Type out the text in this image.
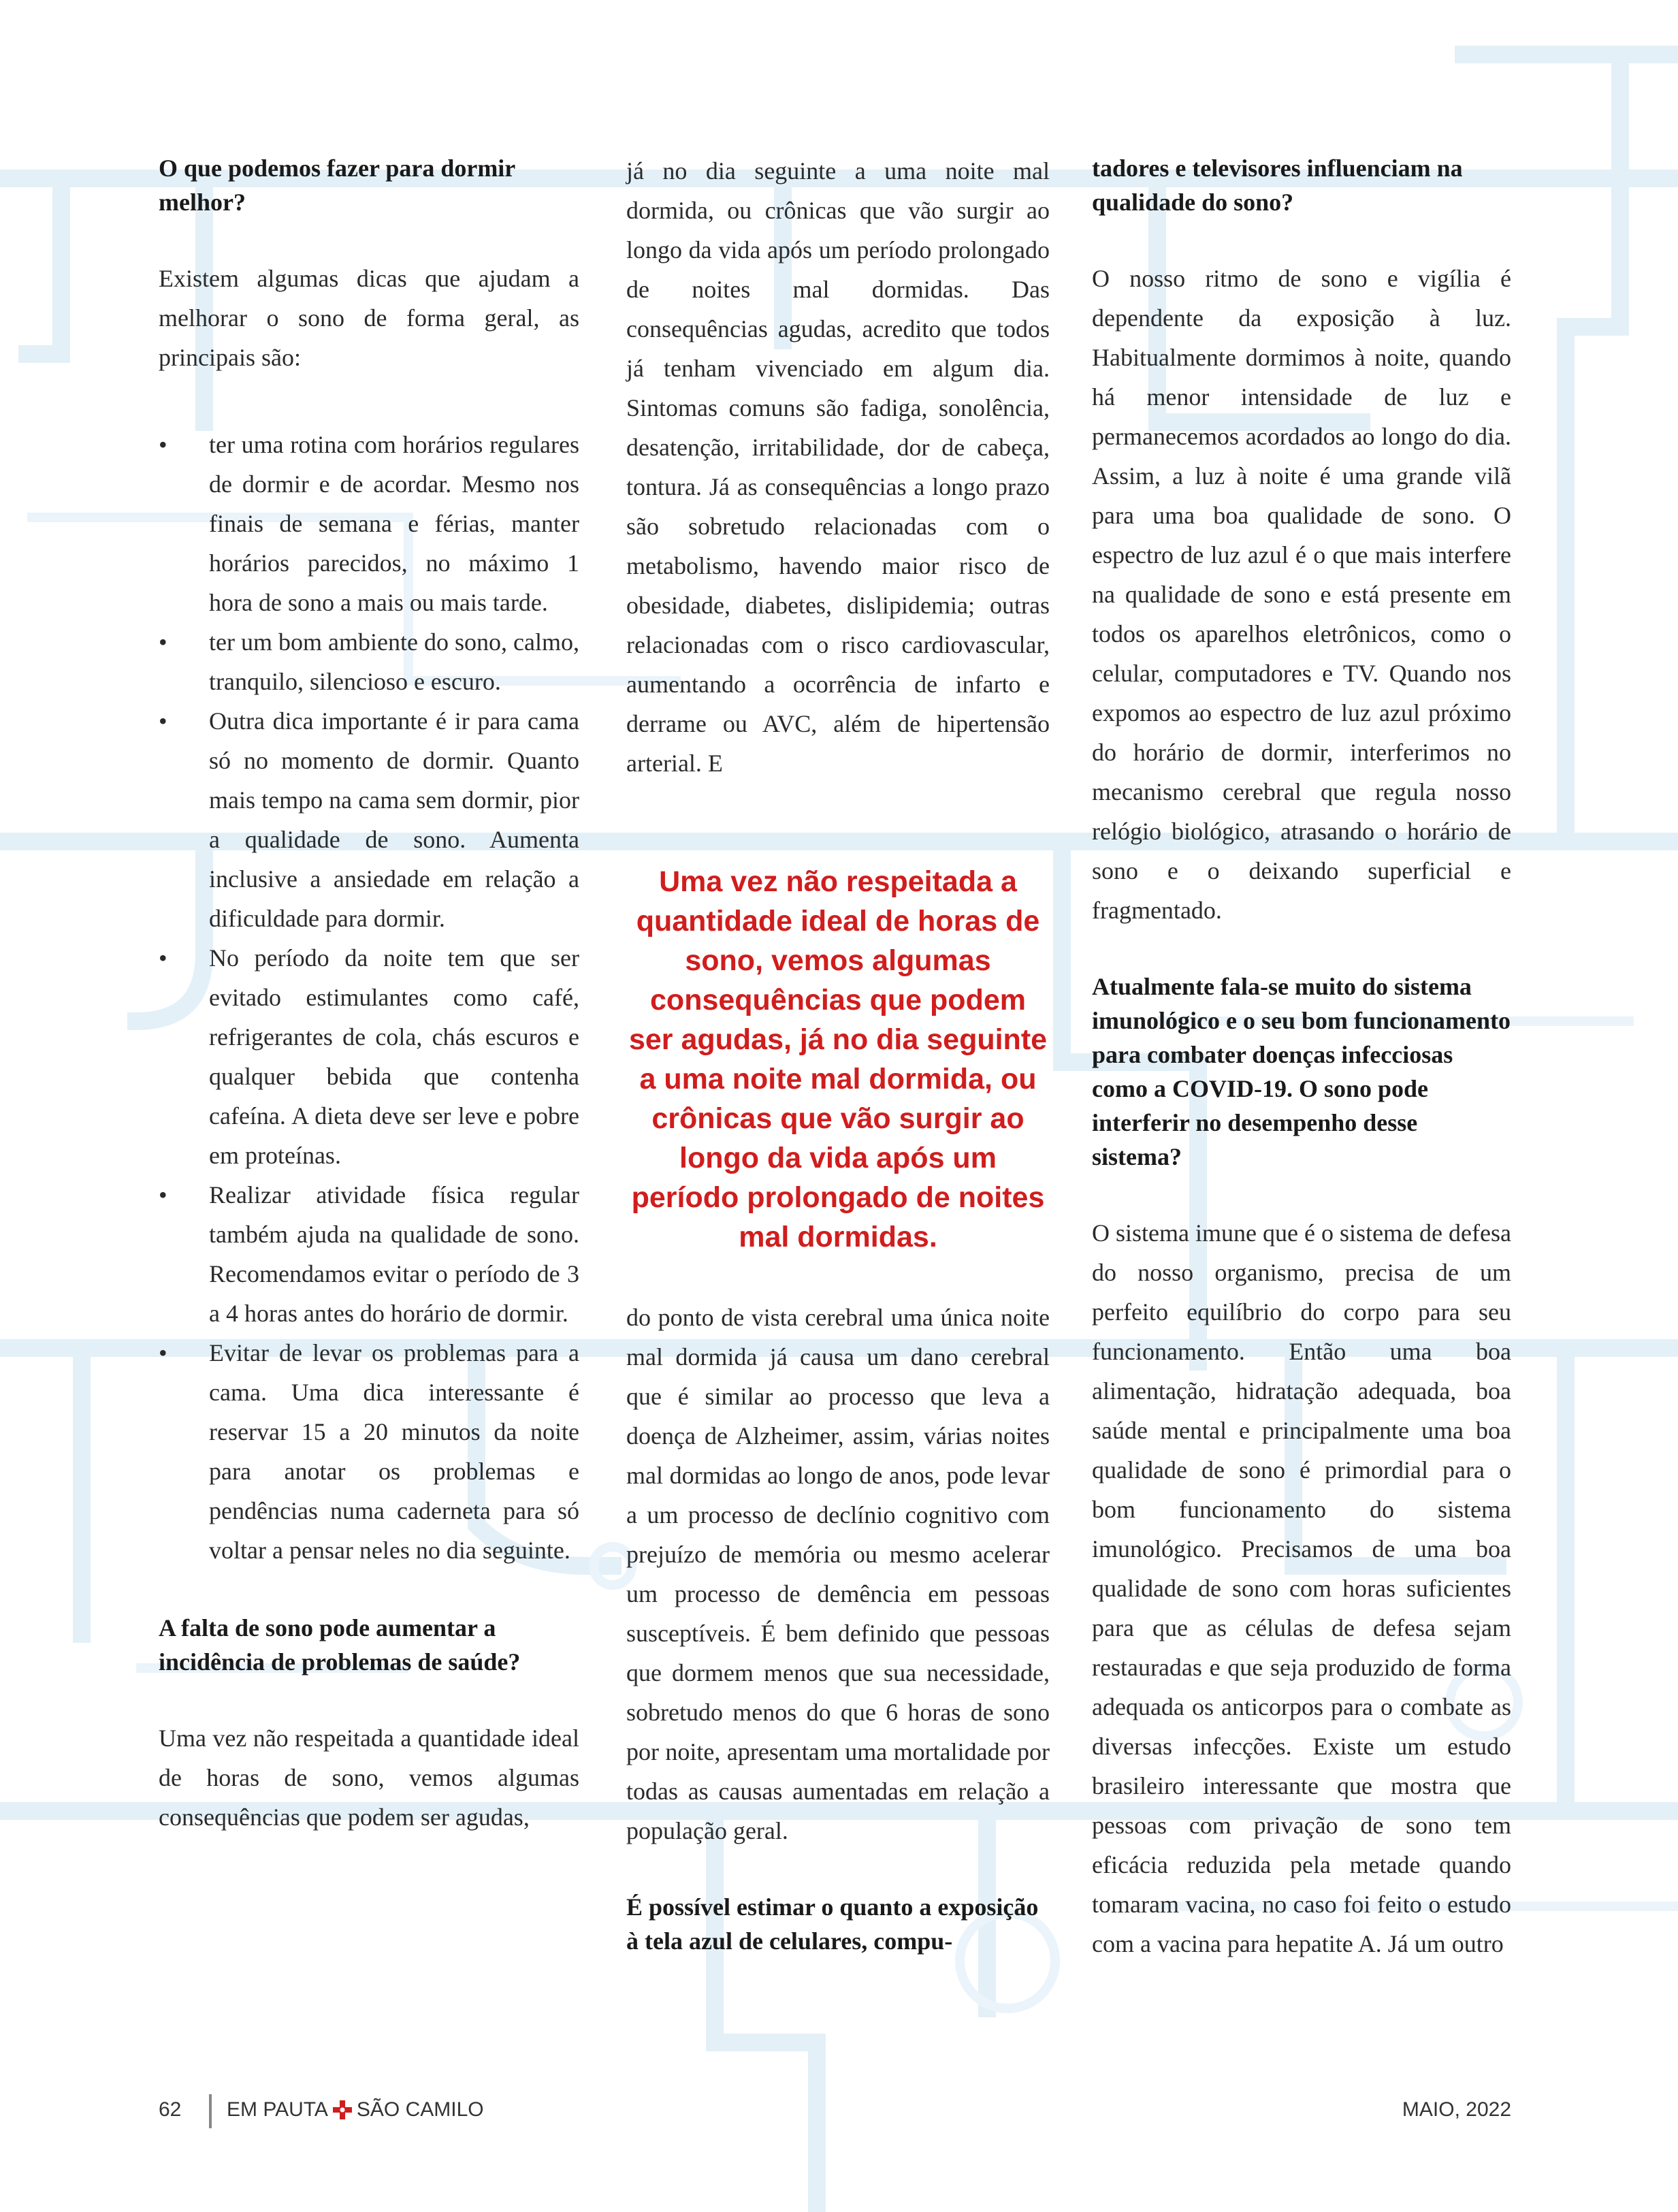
O que podemos fazer para dormir melhor?

Existem algumas dicas que ajudam a melhorar o sono de forma geral, as principais são:

• ter uma rotina com horários regulares de dormir e de acordar. Mesmo nos finais de semana e férias, manter horários parecidos, no máximo 1 hora de sono a mais ou mais tarde.
• ter um bom ambiente do sono, calmo, tranquilo, silencioso e escuro.
• Outra dica importante é ir para cama só no momento de dormir. Quanto mais tempo na cama sem dormir, pior a qualidade de sono. Aumenta inclusive a ansiedade em relação a dificuldade para dormir.
• No período da noite tem que ser evitado estimulantes como café, refrigerantes de cola, chás escuros e qualquer bebida que contenha cafeína. A dieta deve ser leve e pobre em proteínas.
• Realizar atividade física regular também ajuda na qualidade de sono. Recomendamos evitar o período de 3 a 4 horas antes do horário de dormir.
• Evitar de levar os problemas para a cama. Uma dica interessante é reservar 15 a 20 minutos da noite para anotar os problemas e pendências numa caderneta para só voltar a pensar neles no dia seguinte.
A falta de sono pode aumentar a incidência de problemas de saúde?

Uma vez não respeitada a quantidade ideal de horas de sono, vemos algumas consequências que podem ser agudas,

já no dia seguinte a uma noite mal dormida, ou crônicas que vão surgir ao longo da vida após um período prolongado de noites mal dormidas. Das consequências agudas, acredito que todos já tenham vivenciado em algum dia. Sintomas comuns são fadiga, sonolência, desatenção, irritabilidade, dor de cabeça, tontura. Já as consequências a longo prazo são sobretudo relacionadas com o metabolismo, havendo maior risco de obesidade, diabetes, dislipidemia; outras relacionadas com o risco cardiovascular, aumentando a ocorrência de infarto e derrame ou AVC, além de hipertensão arterial. E

Uma vez não respeitada a quantidade ideal de horas de sono, vemos algumas consequências que podem ser agudas, já no dia seguinte a uma noite mal dormida, ou crônicas que vão surgir ao longo da vida após um período prolongado de noites mal dormidas.

do ponto de vista cerebral uma única noite mal dormida já causa um dano cerebral que é similar ao processo que leva a doença de Alzheimer, assim, várias noites mal dormidas ao longo de anos, pode levar a um processo de declínio cognitivo com prejuízo de memória ou mesmo acelerar um processo de demência em pessoas susceptíveis. É bem definido que pessoas que dormem menos que sua necessidade, sobretudo menos do que 6 horas de sono por noite, apresentam uma mortalidade por todas as causas aumentadas em relação a população geral.

É possível estimar o quanto a exposição à tela azul de celulares, compu-
tadores e televisores influenciam na qualidade do sono?

O nosso ritmo de sono e vigília é dependente da exposição à luz. Habitualmente dormimos à noite, quando há menor intensidade de luz e permanecemos acordados ao longo do dia. Assim, a luz à noite é uma grande vilã para uma boa qualidade de sono. O espectro de luz azul é o que mais interfere na qualidade de sono e está presente em todos os aparelhos eletrônicos, como o celular, computadores e TV. Quando nos expomos ao espectro de luz azul próximo do horário de dormir, interferimos no mecanismo cerebral que regula nosso relógio biológico, atrasando o horário de sono e o deixando superficial e fragmentado.

Atualmente fala-se muito do sistema imunológico e o seu bom funcionamento para combater doenças infecciosas como a COVID-19. O sono pode interferir no desempenho desse sistema?

O sistema imune que é o sistema de defesa do nosso organismo, precisa de um perfeito equilíbrio do corpo para seu funcionamento. Então uma boa alimentação, hidratação adequada, boa saúde mental e principalmente uma boa qualidade de sono é primordial para o bom funcionamento do sistema imunológico. Precisamos de uma boa qualidade de sono com horas suficientes para que as células de defesa sejam restauradas e que seja produzido de forma adequada os anticorpos para o combate as diversas infecções. Existe um estudo brasileiro interessante que mostra que pessoas com privação de sono tem eficácia reduzida pela metade quando tomaram vacina, no caso foi feito o estudo com a vacina para hepatite A. Já um outro

62 EM PAUTA SÃO CAMILO	MAIO, 2022
